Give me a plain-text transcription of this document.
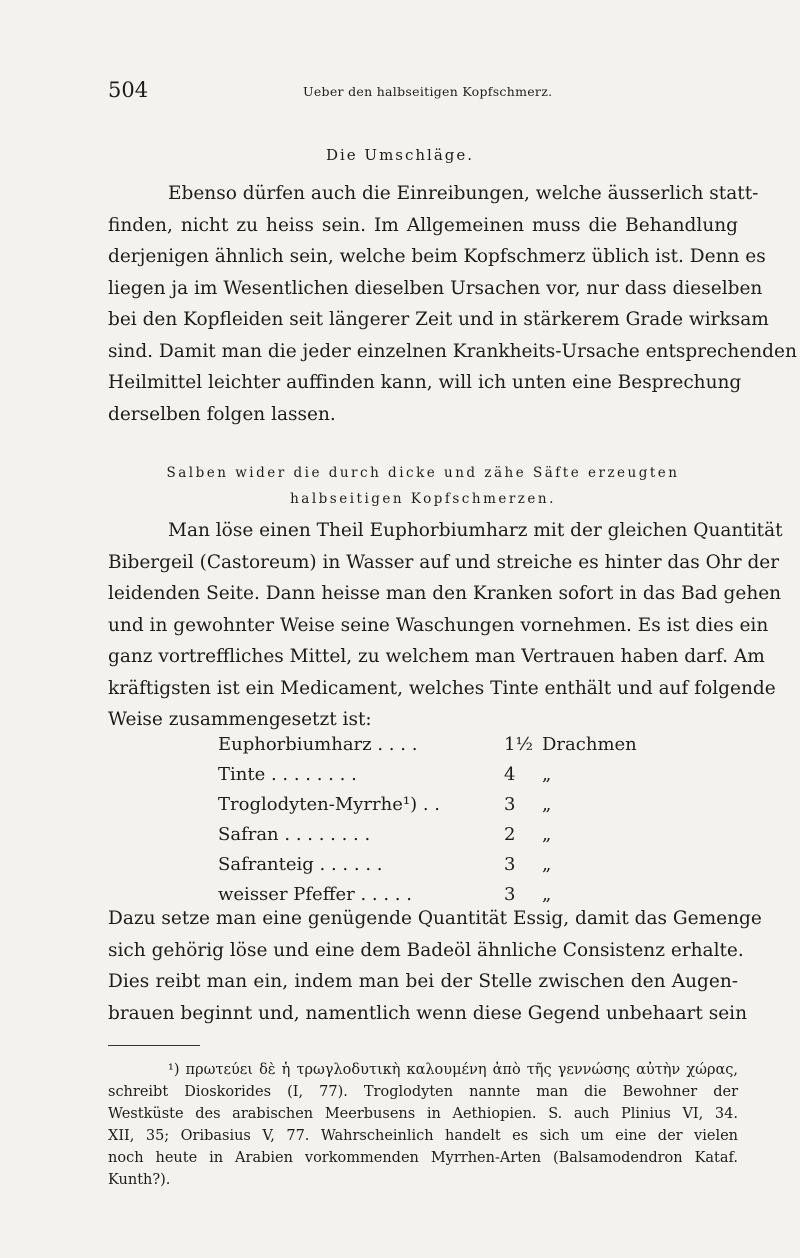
504	Ueber den halbseitigen Kopfschmerz.
Die Umschläge.

Ebenso dürfen auch die Einreibungen, welche äusserlich statt-
finden, nicht zu heiss sein. Im Allgemeinen muss die Behandlung
derjenigen ähnlich sein, welche beim Kopfschmerz üblich ist. Denn es
liegen ja im Wesentlichen dieselben Ursachen vor, nur dass dieselben
bei den Kopfleiden seit längerer Zeit und in stärkerem Grade wirksam
sind. Damit man die jeder einzelnen Krankheits-Ursache entsprechenden
Heilmittel leichter auffinden kann, will ich unten eine Besprechung
derselben folgen lassen.

Salben wider die durch dicke und zähe Säfte erzeugten
halbseitigen Kopfschmerzen.

Man löse einen Theil Euphorbiumharz mit der gleichen Quantität
Bibergeil (Castoreum) in Wasser auf und streiche es hinter das Ohr der
leidenden Seite. Dann heisse man den Kranken sofort in das Bad gehen
und in gewohnter Weise seine Waschungen vornehmen. Es ist dies ein
ganz vortreffliches Mittel, zu welchem man Vertrauen haben darf. Am
kräftigsten ist ein Medicament, welches Tinte enthält und auf folgende
Weise zusammengesetzt ist:

Euphorbiumharz . . . .	1½ Drachmen
Tinte . . . . . . . .	4 „
Troglodyten-Myrrhe¹) . .	3 „
Safran . . . . . . . .	2 „
Safranteig . . . . . .	3 „
weisser Pfeffer . . . . .	3 „

Dazu setze man eine genügende Quantität Essig, damit das Gemenge
sich gehörig löse und eine dem Badeöl ähnliche Consistenz erhalte.
Dies reibt man ein, indem man bei der Stelle zwischen den Augen-
brauen beginnt und, namentlich wenn diese Gegend unbehaart sein

¹) πρωτεύει δὲ ἡ τρωγλοδυτικὴ καλουμένη ἀπὸ τῆς γεννώσης αὐτὴν χώρας,
schreibt Dioskorides (I, 77). Troglodyten nannte man die Bewohner der
Westküste des arabischen Meerbusens in Aethiopien. S. auch Plinius VI, 34.
XII, 35; Oribasius V, 77. Wahrscheinlich handelt es sich um eine der vielen
noch heute in Arabien vorkommenden Myrrhen-Arten (Balsamodendron Kataf.
Kunth?).
